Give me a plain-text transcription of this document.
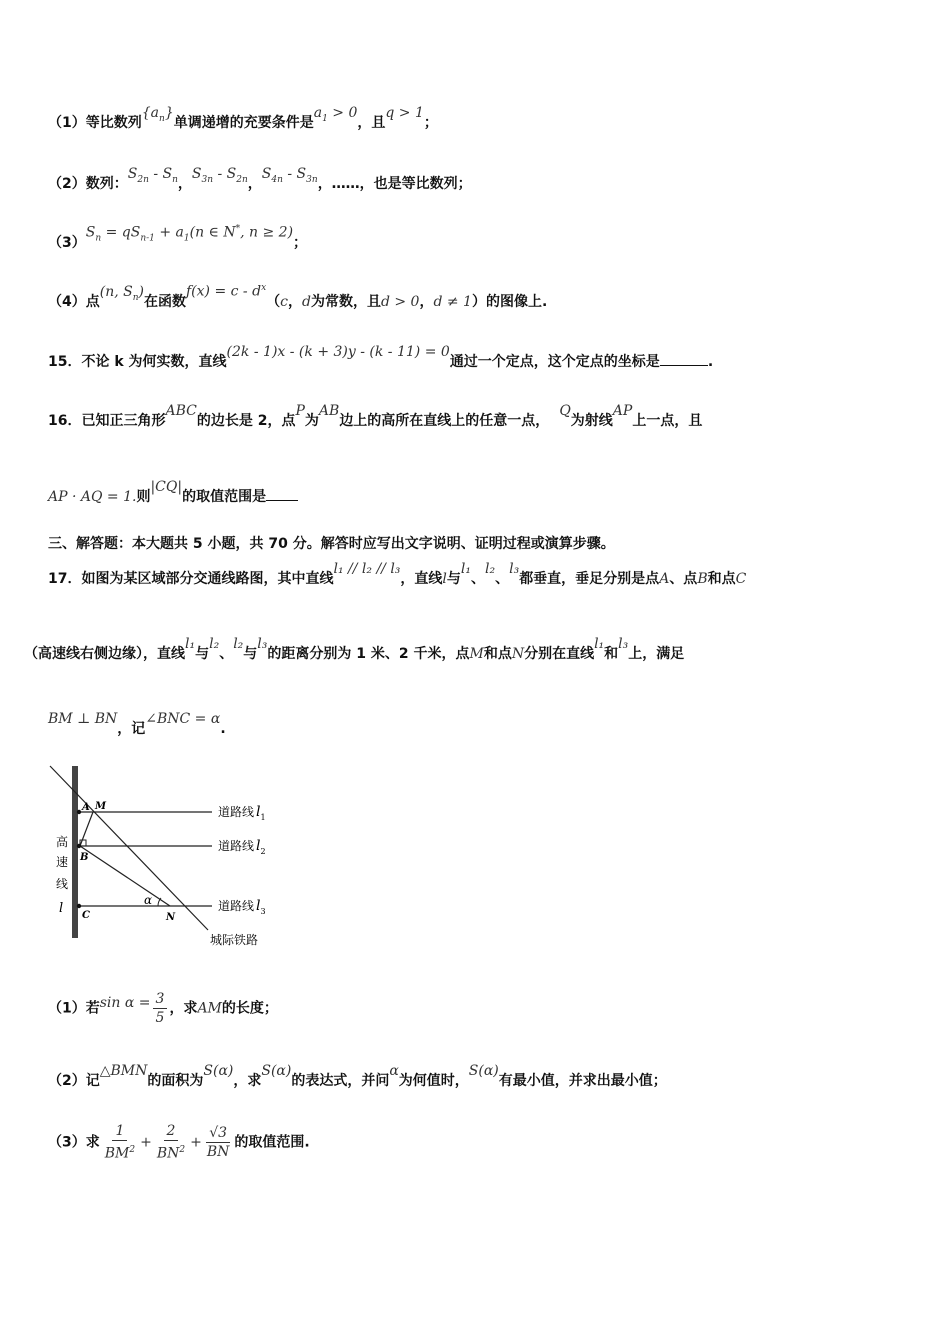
（1）等比数列$\{a_n\}$单调递增的充要条件是$a_1 > 0$，且q > 1；
（2）数列：$S_{2n} - S_n$，$S_{3n} - S_{2n}$，$S_{4n} - S_{3n}$，……，也是等比数列；
$(3)S_n = qS_{n-1} + a_1(n$ ∈ N*, n ≥ 2)；
（4）点(n, $S_n$)在函数$f(x) = c - d^x(c$，d为常数，且d > 0，d ≠ 1）的图像上.
15．不论 k 为何实数，直线(2k - 1)x - (k + 3)y - (k - 11) = 0通过一个定点，这个定点的坐标是	.
16．已知正三角形ABC的边长是 2，点P为AB边上的高所在直线上的任意一点，Q为射线AP上一点，且
AP · AQ = 1.则|CQ|的取值范围是
三、解答题：本大题共 5 小题，共 70 分。解答时应写出文字说明、证明过程或演算步骤。
17．如图为某区域部分交通线路图，其中直线l₁ // l₂ // l₃，直线l与l₁、l₂、l₃都垂直，垂足分别是点A、点B和点C
（高速线右侧边缘），直线l₁与l₂、l₂与l₃的距离分别为 1 米、2 千米，点M和点N分别在直线l₁和l₃上，满足
BM ⊥ BN，记∠BNC = α.
A M
B
C	N
α
道路线 $l_1$
道路线 $l_2$
道路线 $l_3$
高
速
线
l
城际铁路
（1）若$\sin \alpha = \frac{3}{5}$ ，求AM的长度；
（2）记△BMN的面积为S(α)，求S(α)的表达式，并问α为何值时，S(α)有最小值，并求出最小值；
（3）求 $\frac{1}{BM^2} + \frac{2}{BN^2} + \frac{√3}{BN}$ 的取值范围.
